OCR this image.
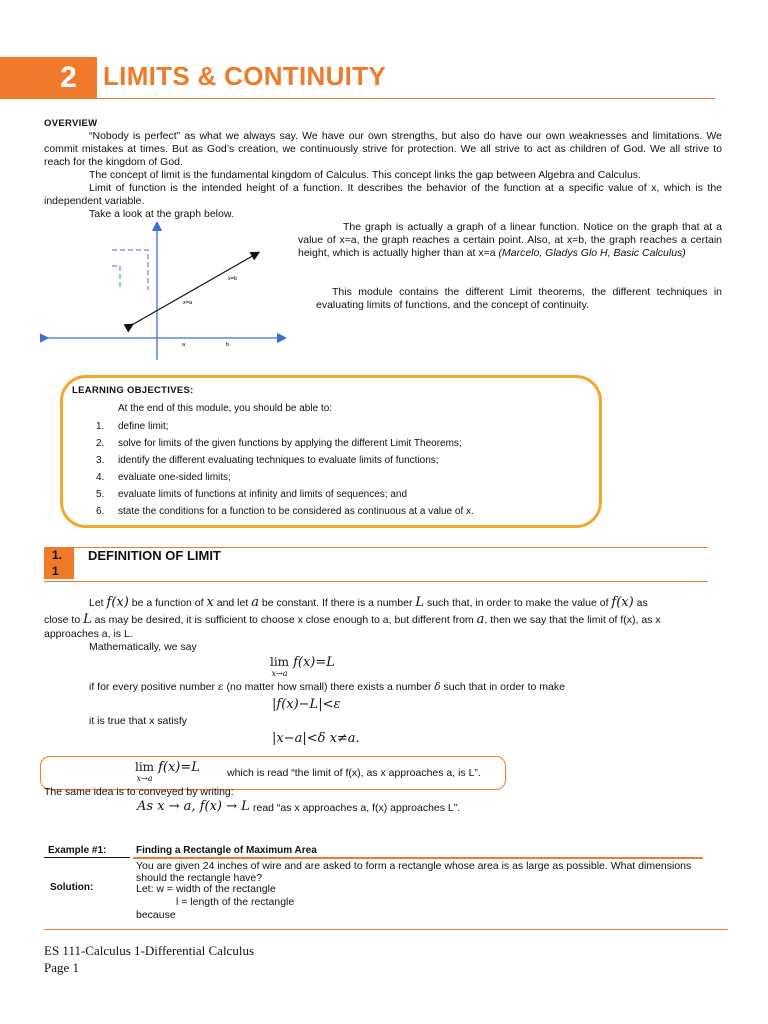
2 LIMITS & CONTINUITY
OVERVIEW
“Nobody is perfect” as what we always say. We have our own strengths, but also do have our own weaknesses and limitations. We commit mistakes at times. But as God’s creation, we continuously strive for protection. We all strive to act as children of God. We all strive to reach for the kingdom of God.
The concept of limit is the fundamental kingdom of Calculus. This concept links the gap between Algebra and Calculus.
Limit of function is the intended height of a function. It describes the behavior of the function at a specific value of x, which is the independent variable.
Take a look at the graph below.
x=b
x=a
a	b
The graph is actually a graph of a linear function. Notice on the graph that at a value of x=a, the graph reaches a certain point. Also, at x=b, the graph reaches a certain height, which is actually higher than at x=a (Marcelo, Gladys Glo H, Basic Calculus)
This module contains the different Limit theorems, the different techniques in evaluating limits of functions, and the concept of continuity.
LEARNING OBJECTIVES:
At the end of this module, you should be able to:
1.	define limit;
2.	solve for limits of the given functions by applying the different Limit Theorems;
3.	identify the different evaluating techniques to evaluate limits of functions;
4.	evaluate one-sided limits;
5.	evaluate limits of functions at infinity and limits of sequences; and
6.	state the conditions for a function to be considered as continuous at a value of x.
1.
1
DEFINITION OF LIMIT
Let f(x) be a function of x and let a be constant. If there is a number L such that, in order to make the value of f(x) as
close to L as may be desired, it is sufficient to choose x close enough to a, but different from a, then we say that the limit of f(x), as x
approaches a, is L.
Mathematically, we say
lim
x→a
f(x)=L
if for every positive number ε (no matter how small) there exists a number δ such that in order to make
|f(x)−L|<ε
it is true that x satisfy
|x−a|<δ x≠a.
lim
x→a
f(x)=L	which is read “the limit of f(x), as x approaches a, is L”.
The same idea is to conveyed by writing:
As x → a, f(x) → L read “as x approaches a, f(x) approaches L”.
Example #1:	Finding a Rectangle of Maximum Area
You are given 24 inches of wire and are asked to form a rectangle whose area is as large as possible. What dimensions should the rectangle have?
Solution:	Let: w = width of the rectangle
l = length of the rectangle
because
ES 111-Calculus 1-Differential Calculus
Page 1
